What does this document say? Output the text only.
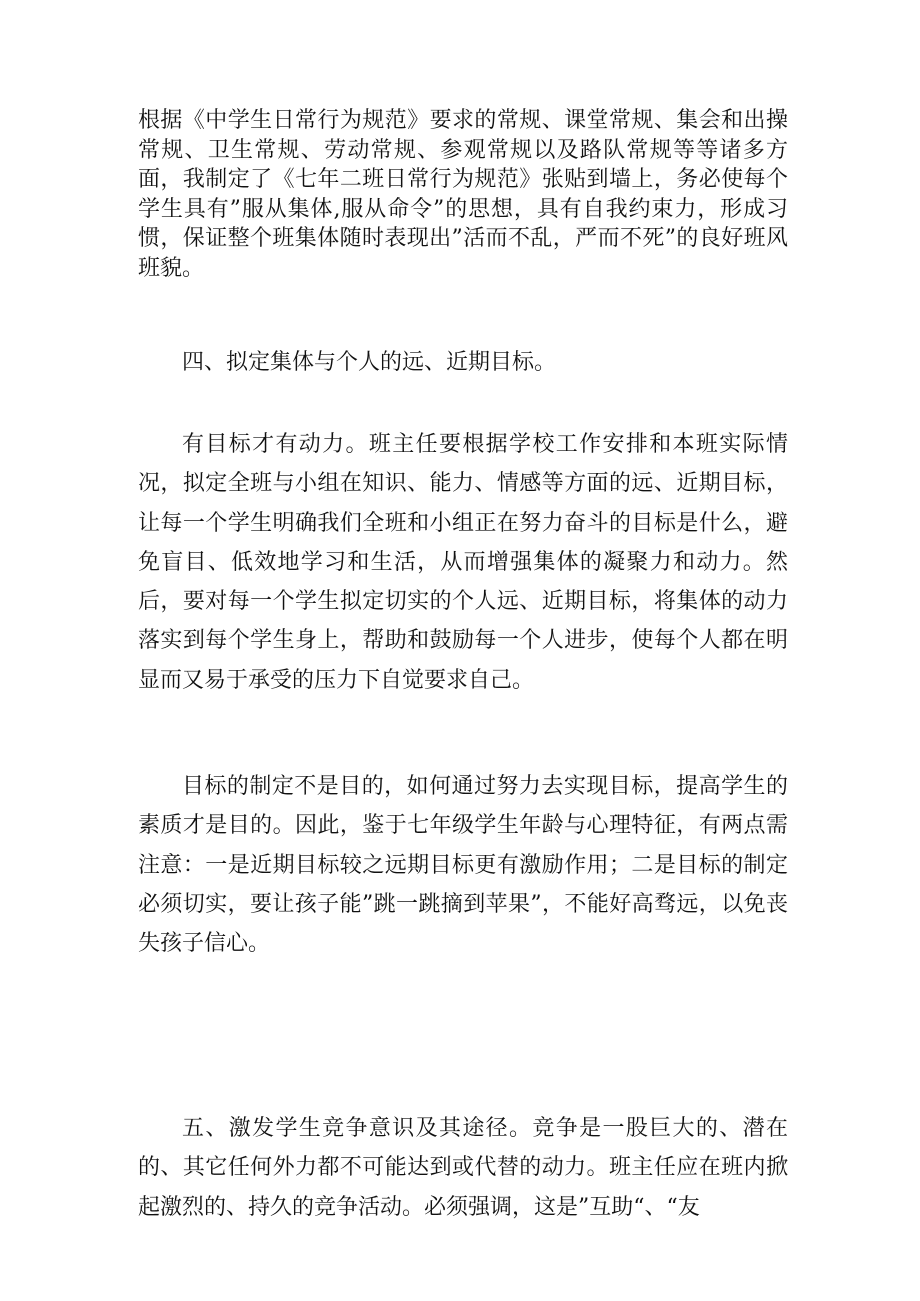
根据《中学生日常行为规范》要求的常规、课堂常规、集会和出操常规、卫生常规、劳动常规、参观常规以及路队常规等等诸多方面，我制定了《七年二班日常行为规范》张贴到墙上，务必使每个学生具有”服从集体,服从命令”的思想，具有自我约束力，形成习惯，保证整个班集体随时表现出”活而不乱，严而不死”的良好班风班貌。

四、拟定集体与个人的远、近期目标。

有目标才有动力。班主任要根据学校工作安排和本班实际情况，拟定全班与小组在知识、能力、情感等方面的远、近期目标，让每一个学生明确我们全班和小组正在努力奋斗的目标是什么，避免盲目、低效地学习和生活，从而增强集体的凝聚力和动力。然后，要对每一个学生拟定切实的个人远、近期目标，将集体的动力落实到每个学生身上，帮助和鼓励每一个人进步，使每个人都在明显而又易于承受的压力下自觉要求自己。

目标的制定不是目的，如何通过努力去实现目标，提高学生的素质才是目的。因此，鉴于七年级学生年龄与心理特征，有两点需注意：一是近期目标较之远期目标更有激励作用；二是目标的制定必须切实，要让孩子能”跳一跳摘到苹果”，不能好高骛远，以免丧失孩子信心。

五、激发学生竞争意识及其途径。竞争是一股巨大的、潜在的、其它任何外力都不可能达到或代替的动力。班主任应在班内掀起激烈的、持久的竞争活动。必须强调，这是”互助“、“友
